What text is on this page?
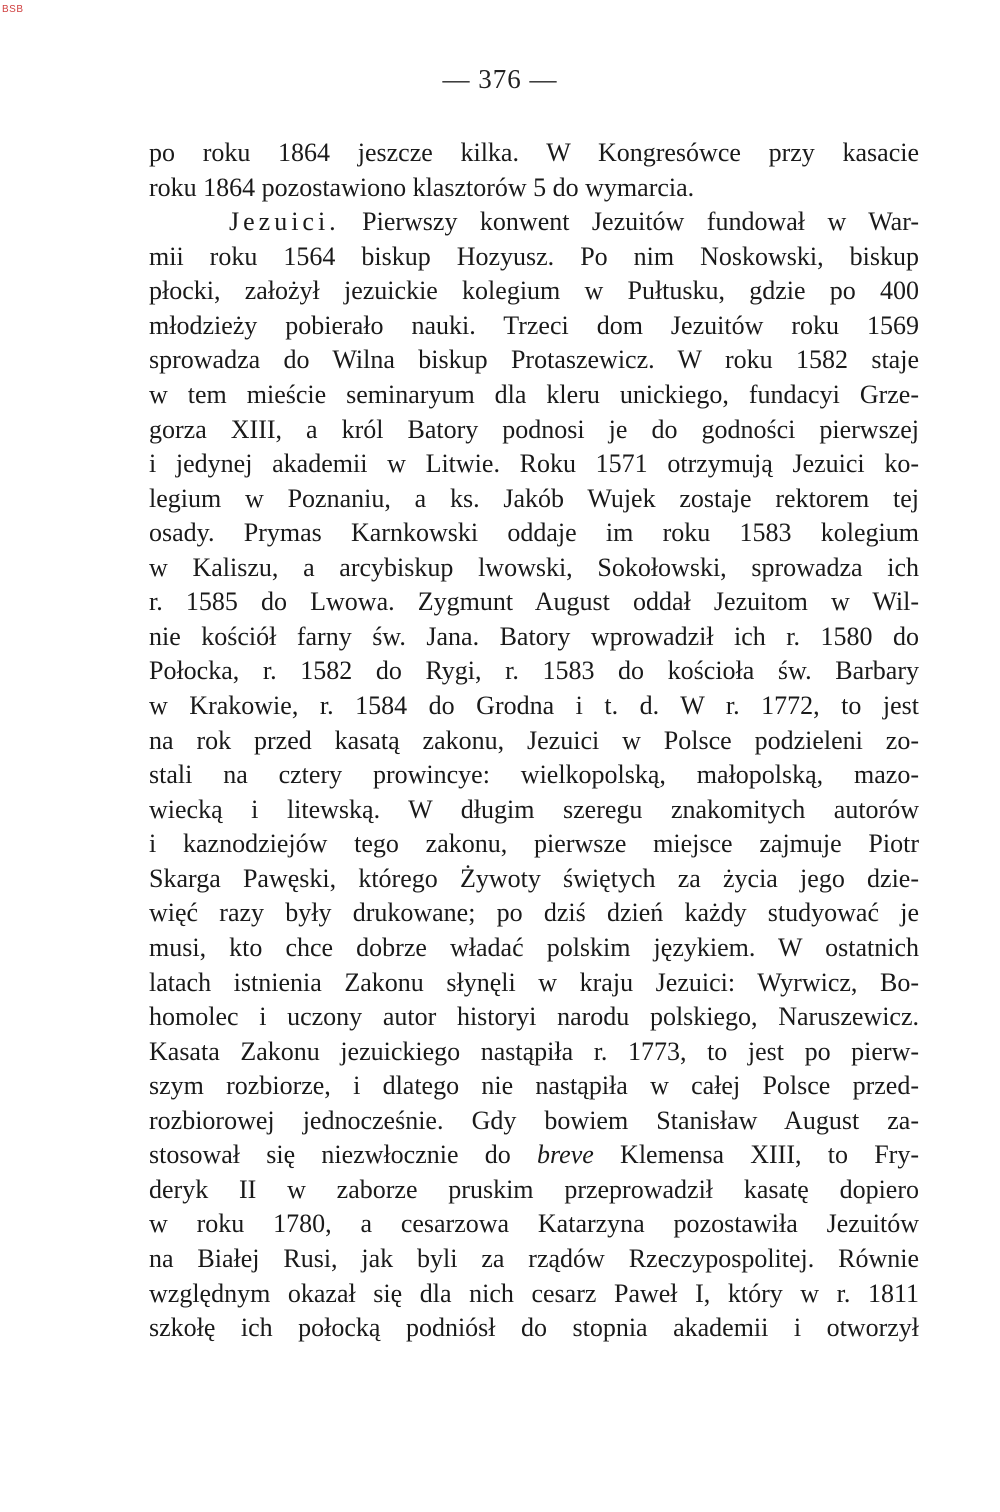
BSB
— 376 —
po roku 1864 jeszcze kilka. W Kongresówce przy kasacie
roku 1864 pozostawiono klasztorów 5 do wymarcia.
Jezuici. Pierwszy konwent Jezuitów fundował w War-
mii roku 1564 biskup Hozyusz. Po nim Noskowski, biskup
płocki, założył jezuickie kolegium w Pułtusku, gdzie po 400
młodzieży pobierało nauki. Trzeci dom Jezuitów roku 1569
sprowadza do Wilna biskup Protaszewicz. W roku 1582 staje
w tem mieście seminaryum dla kleru unickiego, fundacyi Grze-
gorza XIII, a król Batory podnosi je do godności pierwszej
i jedynej akademii w Litwie. Roku 1571 otrzymują Jezuici ko-
legium w Poznaniu, a ks. Jakób Wujek zostaje rektorem tej
osady. Prymas Karnkowski oddaje im roku 1583 kolegium
w Kaliszu, a arcybiskup lwowski, Sokołowski, sprowadza ich
r. 1585 do Lwowa. Zygmunt August oddał Jezuitom w Wil-
nie kościół farny św. Jana. Batory wprowadził ich r. 1580 do
Połocka, r. 1582 do Rygi, r. 1583 do kościoła św. Barbary
w Krakowie, r. 1584 do Grodna i t. d. W r. 1772, to jest
na rok przed kasatą zakonu, Jezuici w Polsce podzieleni zo-
stali na cztery prowincye: wielkopolską, małopolską, mazo-
wiecką i litewską. W długim szeregu znakomitych autorów
i kaznodziejów tego zakonu, pierwsze miejsce zajmuje Piotr
Skarga Pawęski, którego Żywoty świętych za życia jego dzie-
więć razy były drukowane; po dziś dzień każdy studyować je
musi, kto chce dobrze władać polskim językiem. W ostatnich
latach istnienia Zakonu słynęli w kraju Jezuici: Wyrwicz, Bo-
homolec i uczony autor historyi narodu polskiego, Naruszewicz.
Kasata Zakonu jezuickiego nastąpiła r. 1773, to jest po pierw-
szym rozbiorze, i dlatego nie nastąpiła w całej Polsce przed-
rozbiorowej jednocześnie. Gdy bowiem Stanisław August za-
stosował się niezwłocznie do breve Klemensa XIII, to Fry-
deryk II w zaborze pruskim przeprowadził kasatę dopiero
w roku 1780, a cesarzowa Katarzyna pozostawiła Jezuitów
na Białej Rusi, jak byli za rządów Rzeczypospolitej. Równie
względnym okazał się dla nich cesarz Paweł I, który w r. 1811
szkołę ich połocką podniósł do stopnia akademii i otworzył
